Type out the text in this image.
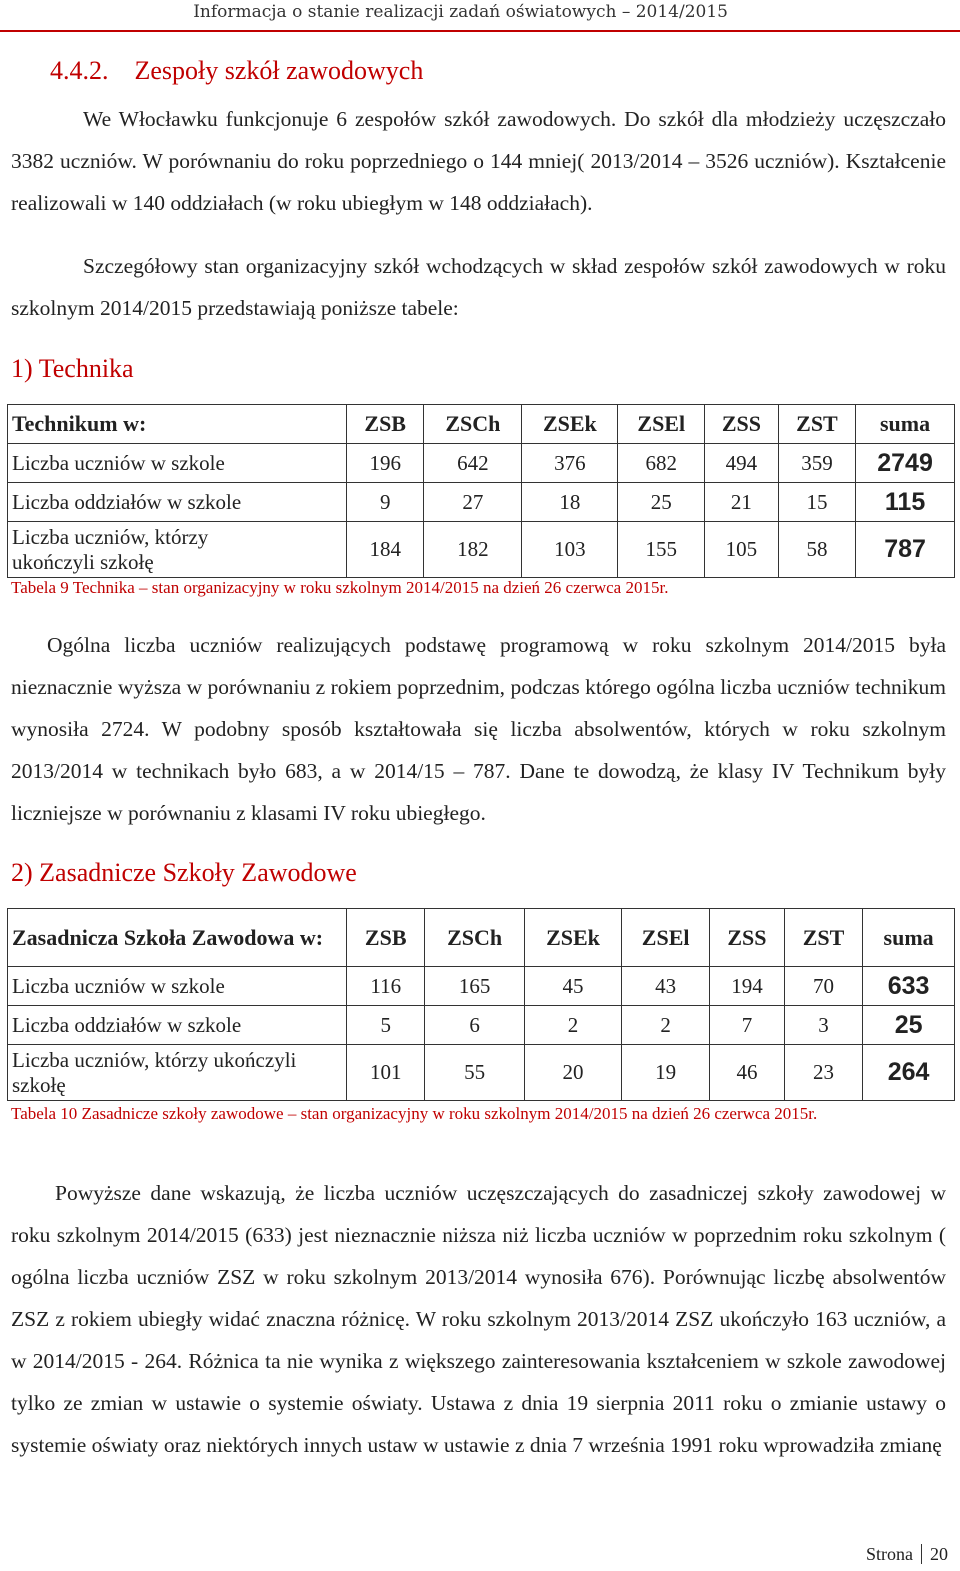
Informacja o stanie realizacji zadań oświatowych – 2014/2015
4.4.2. Zespoły szkół zawodowych
We Włocławku funkcjonuje 6 zespołów szkół zawodowych. Do szkół dla młodzieży uczęszczało 3382 uczniów. W porównaniu do roku poprzedniego o 144 mniej( 2013/2014 – 3526 uczniów). Kształcenie realizowali w 140 oddziałach (w roku ubiegłym w 148 oddziałach).
Szczegółowy stan organizacyjny szkół wchodzących w skład zespołów szkół zawodowych w roku szkolnym 2014/2015 przedstawiają poniższe tabele:
1) Technika
Technikum w:	ZSB	ZSCh	ZSEk	ZSEl	ZSS	ZST	suma
Liczba uczniów w szkole	196	642	376	682	494	359	2749
Liczba oddziałów w szkole	9	27	18	25	21	15	115
Liczba uczniów, którzy ukończyli szkołę	184	182	103	155	105	58	787
Tabela 9 Technika – stan organizacyjny w roku szkolnym 2014/2015 na dzień 26 czerwca 2015r.
Ogólna liczba uczniów realizujących podstawę programową w roku szkolnym 2014/2015 była nieznacznie wyższa w porównaniu z rokiem poprzednim, podczas którego ogólna liczba uczniów technikum wynosiła 2724. W podobny sposób kształtowała się liczba absolwentów, których w roku szkolnym 2013/2014 w technikach było 683, a w 2014/15 – 787. Dane te dowodzą, że klasy IV Technikum były liczniejsze w porównaniu z klasami IV roku ubiegłego.
2) Zasadnicze Szkoły Zawodowe
Zasadnicza Szkoła Zawodowa w:	ZSB	ZSCh	ZSEk	ZSEl	ZSS	ZST	suma
Liczba uczniów w szkole	116	165	45	43	194	70	633
Liczba oddziałów w szkole	5	6	2	2	7	3	25
Liczba uczniów, którzy ukończyli szkołę	101	55	20	19	46	23	264
Tabela 10 Zasadnicze szkoły zawodowe – stan organizacyjny w roku szkolnym 2014/2015 na dzień 26 czerwca 2015r.
Powyższe dane wskazują, że liczba uczniów uczęszczających do zasadniczej szkoły zawodowej w roku szkolnym 2014/2015 (633) jest nieznacznie niższa niż liczba uczniów w poprzednim roku szkolnym ( ogólna liczba uczniów ZSZ w roku szkolnym 2013/2014 wynosiła 676). Porównując liczbę absolwentów ZSZ z rokiem ubiegły widać znaczna różnicę. W roku szkolnym 2013/2014 ZSZ ukończyło 163 uczniów, a w 2014/2015 - 264. Różnica ta nie wynika z większego zainteresowania kształceniem w szkole zawodowej tylko ze zmian w ustawie o systemie oświaty. Ustawa z dnia 19 sierpnia 2011 roku o zmianie ustawy o systemie oświaty oraz niektórych innych ustaw w ustawie z dnia 7 września 1991 roku wprowadziła zmianę
Strona 20
